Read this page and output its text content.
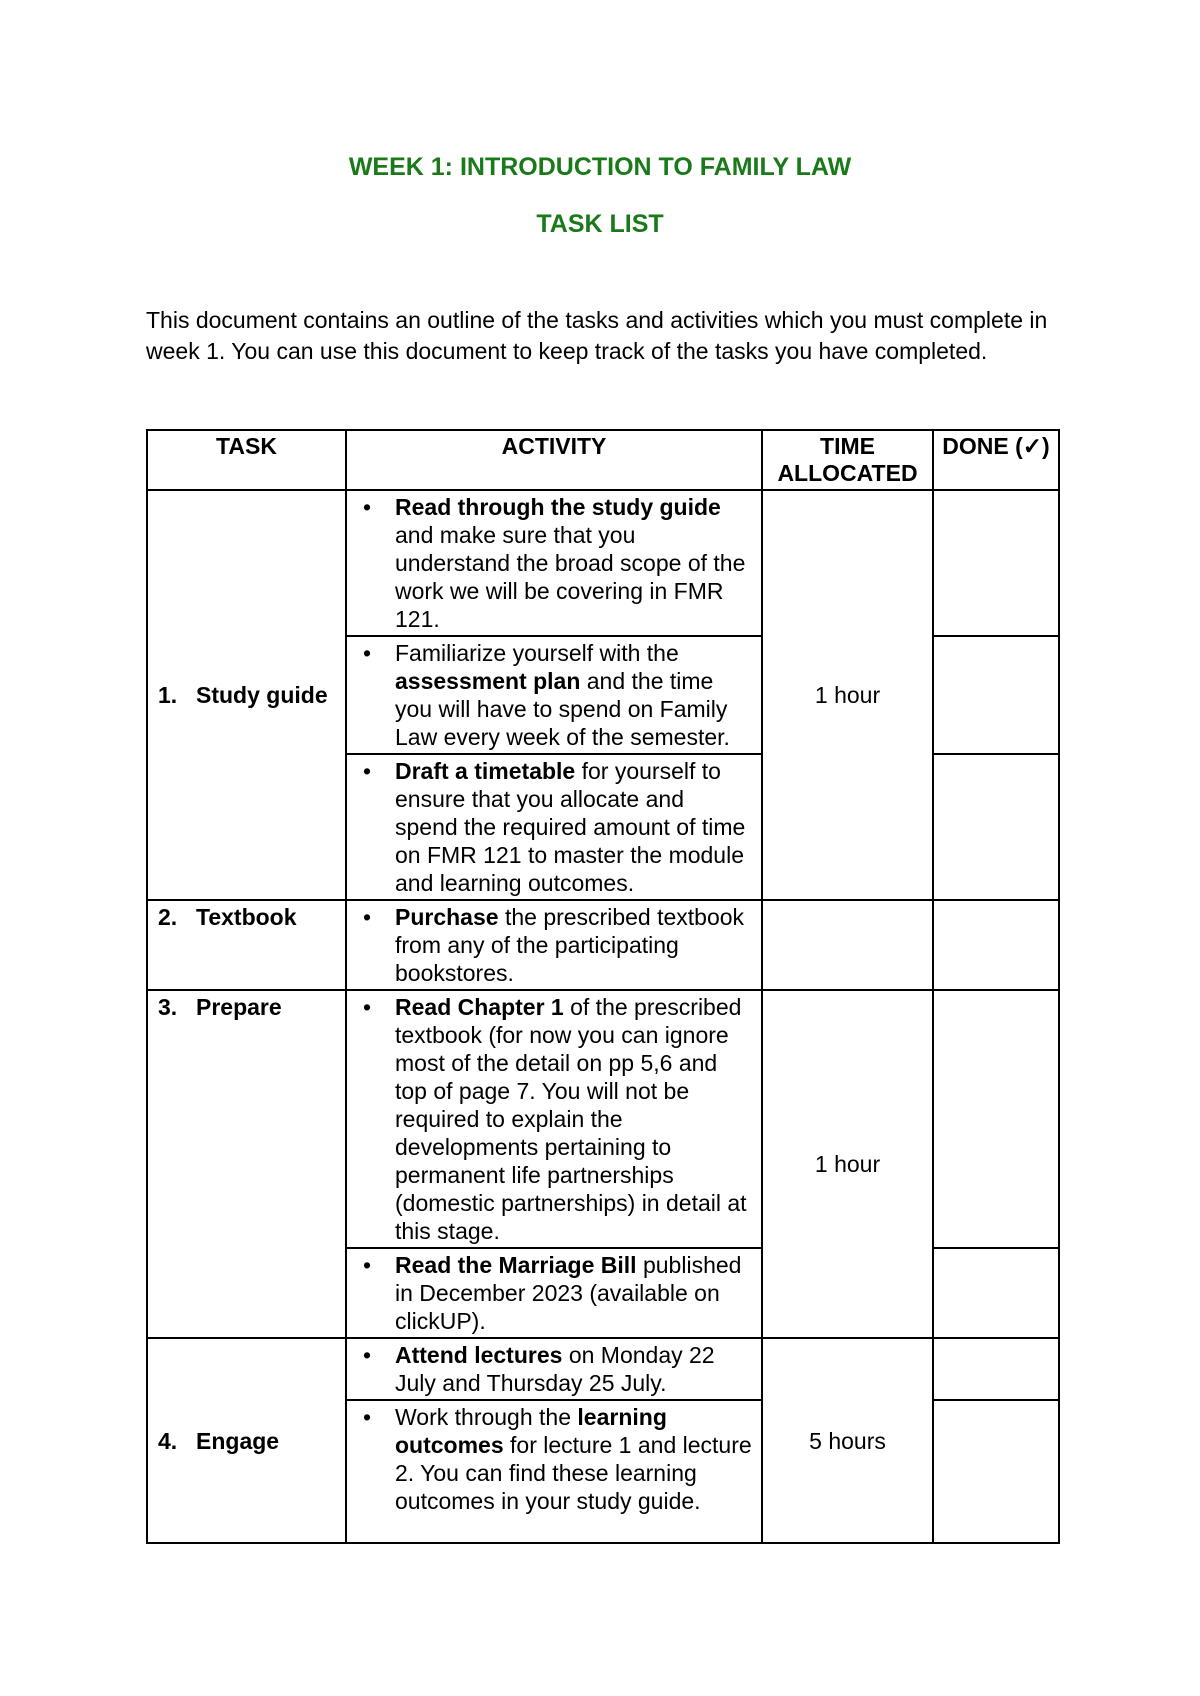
WEEK 1: INTRODUCTION TO FAMILY LAW
TASK LIST

This document contains an outline of the tasks and activities which you must complete in week 1. You can use this document to keep track of the tasks you have completed.

TASK	ACTIVITY	TIME ALLOCATED	DONE (✓)
1. Study guide	• Read through the study guide and make sure that you understand the broad scope of the work we will be covering in FMR 121.	1 hour	

	• Familiarize yourself with the assessment plan and the time you will have to spend on Family Law every week of the semester.		

	• Draft a timetable for yourself to ensure that you allocate and spend the required amount of time on FMR 121 to master the module and learning outcomes.		
2. Textbook	• Purchase the prescribed textbook from any of the participating bookstores.		
3. Prepare	• Read Chapter 1 of the prescribed textbook (for now you can ignore most of the detail on pp 5,6 and top of page 7. You will not be required to explain the developments pertaining to permanent life partnerships (domestic partnerships) in detail at this stage.	1 hour	

	• Read the Marriage Bill published in December 2023 (available on clickUP).		
4. Engage	• Attend lectures on Monday 22 July and Thursday 25 July.	5 hours	

	• Work through the learning outcomes for lecture 1 and lecture 2. You can find these learning outcomes in your study guide.		
